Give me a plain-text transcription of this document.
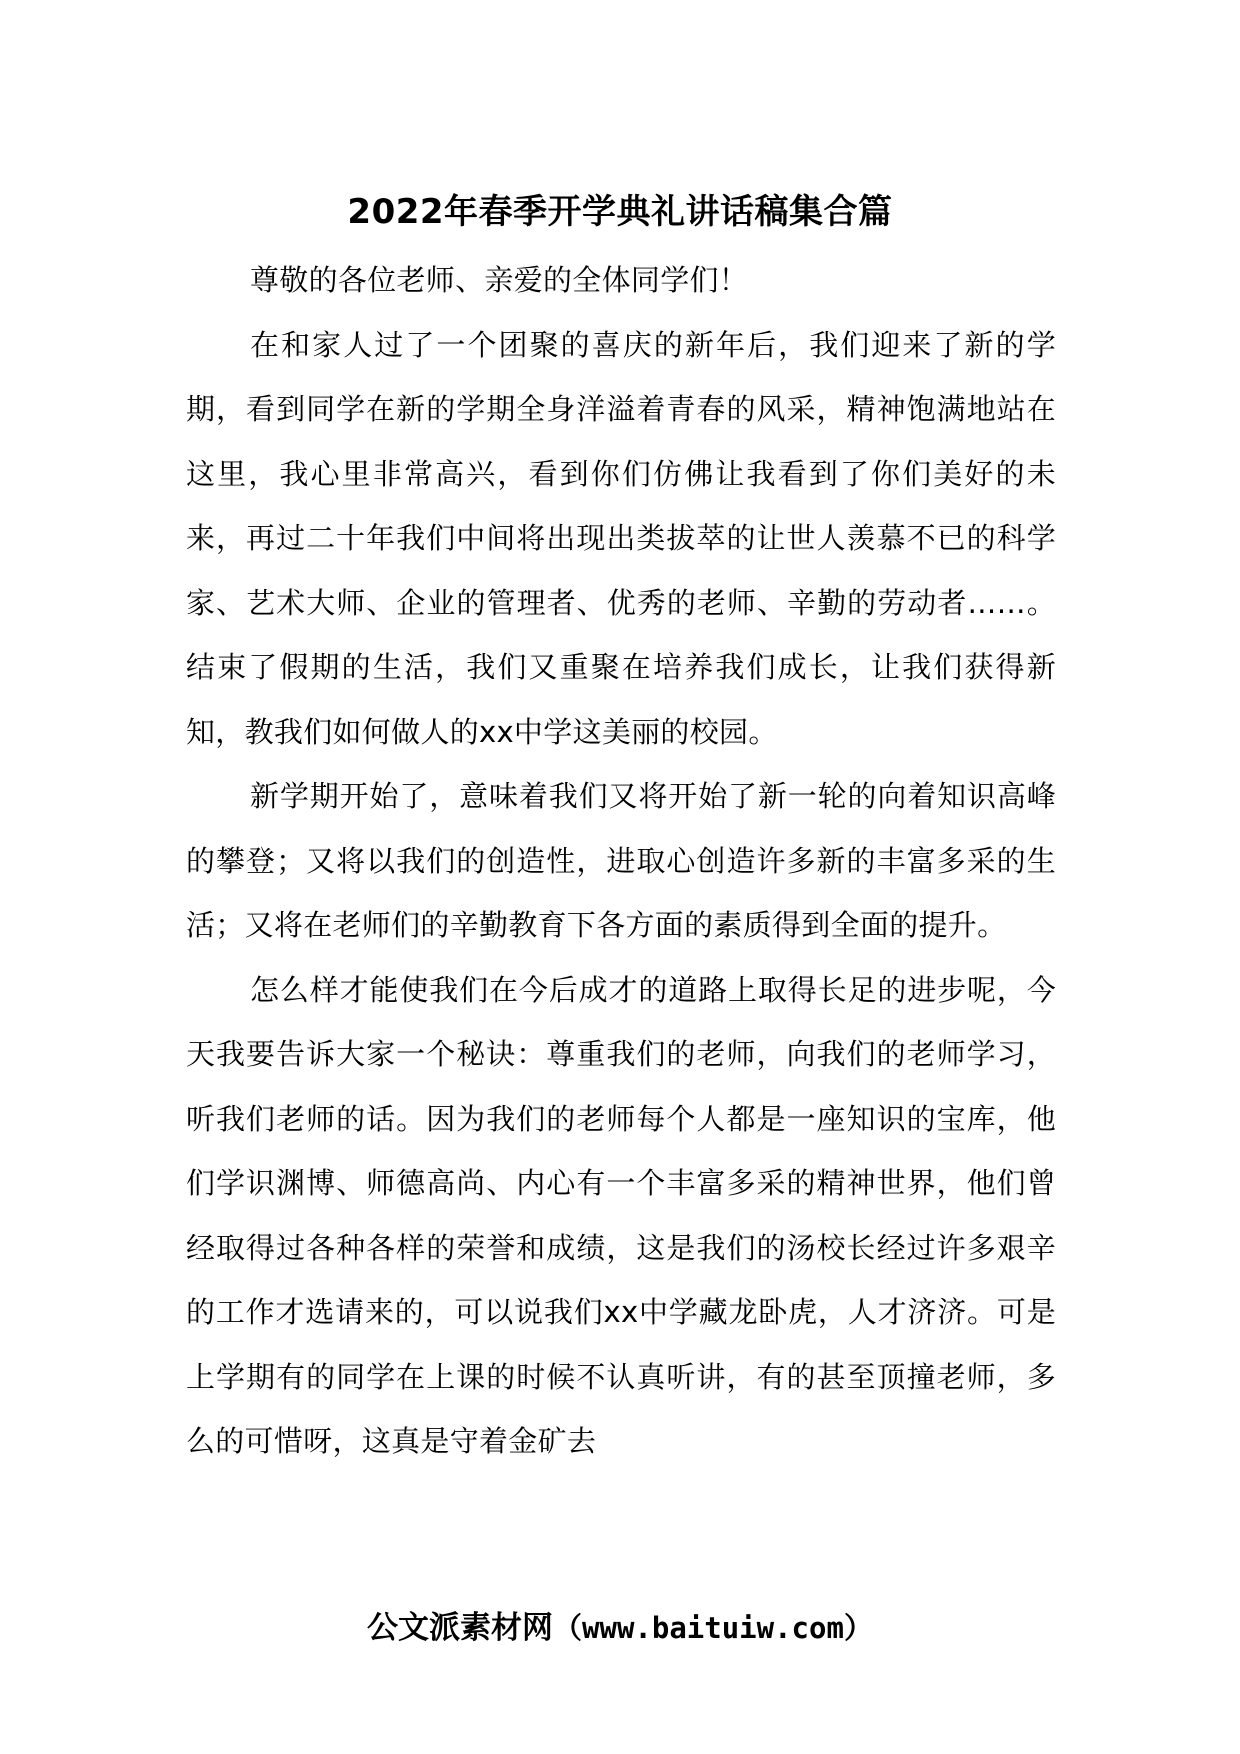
2022年春季开学典礼讲话稿集合篇

尊敬的各位老师、亲爱的全体同学们！

在和家人过了一个团聚的喜庆的新年后，我们迎来了新的学期，看到同学在新的学期全身洋溢着青春的风采，精神饱满地站在这里，我心里非常高兴，看到你们仿佛让我看到了你们美好的未来，再过二十年我们中间将出现出类拔萃的让世人羡慕不已的科学家、艺术大师、企业的管理者、优秀的老师、辛勤的劳动者……。结束了假期的生活，我们又重聚在培养我们成长，让我们获得新知，教我们如何做人的xx中学这美丽的校园。

新学期开始了，意味着我们又将开始了新一轮的向着知识高峰的攀登；又将以我们的创造性，进取心创造许多新的丰富多采的生活；又将在老师们的辛勤教育下各方面的素质得到全面的提升。

怎么样才能使我们在今后成才的道路上取得长足的进步呢，今天我要告诉大家一个秘诀：尊重我们的老师，向我们的老师学习，听我们老师的话。因为我们的老师每个人都是一座知识的宝库，他们学识渊博、师德高尚、内心有一个丰富多采的精神世界，他们曾经取得过各种各样的荣誉和成绩，这是我们的汤校长经过许多艰辛的工作才选请来的，可以说我们xx中学藏龙卧虎，人才济济。可是上学期有的同学在上课的时候不认真听讲，有的甚至顶撞老师，多么的可惜呀，这真是守着金矿去

公文派素材网（www.baituiw.com）
